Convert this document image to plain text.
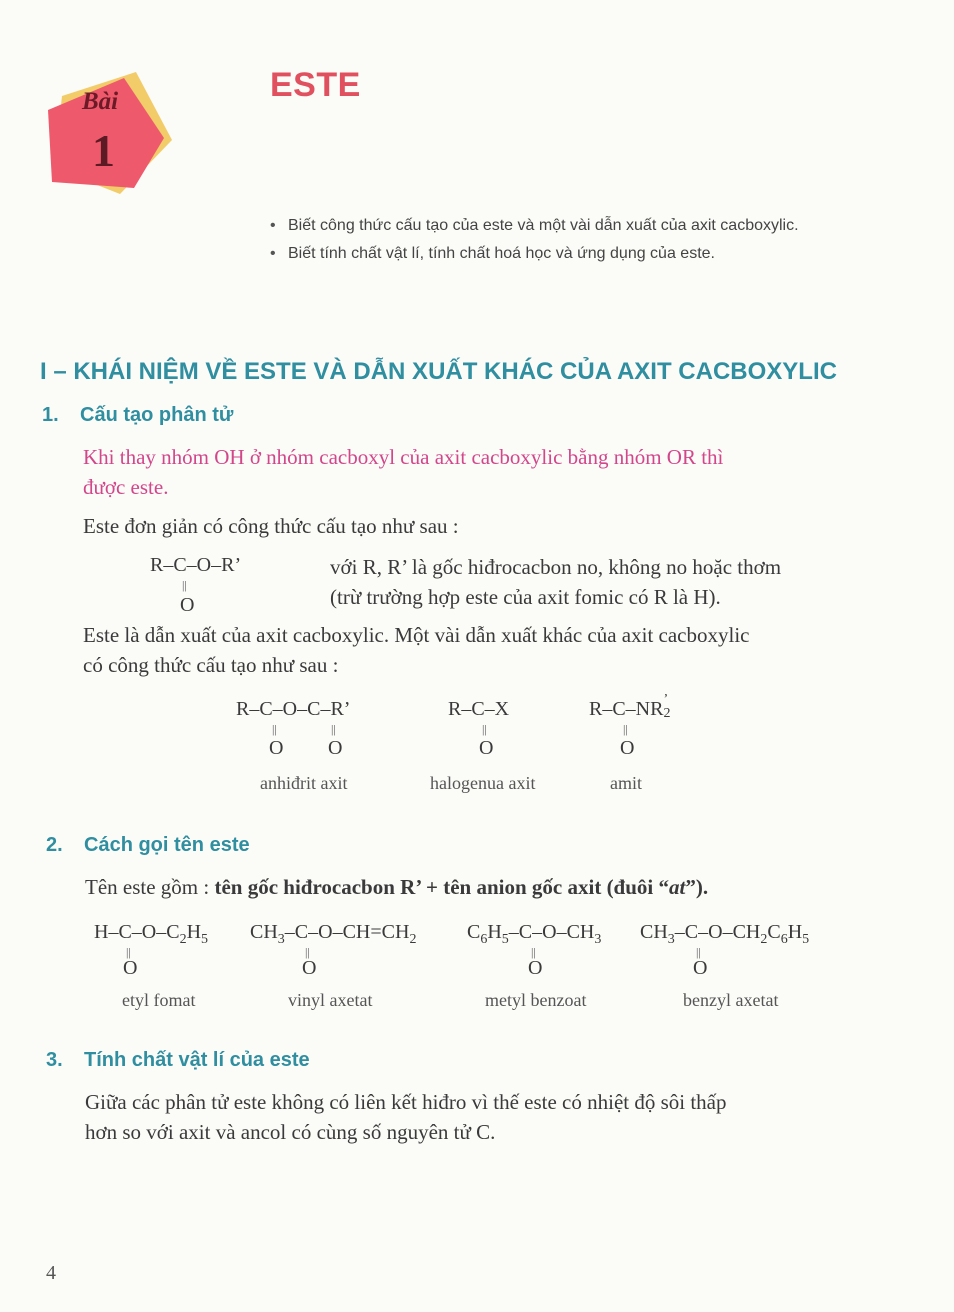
Bài
1
ESTE
• Biết công thức cấu tạo của este và một vài dẫn xuất của axit cacboxylic.
• Biết tính chất vật lí, tính chất hoá học và ứng dụng của este.
I – KHÁI NIỆM VỀ ESTE VÀ DẪN XUẤT KHÁC CỦA AXIT CACBOXYLIC
1. Cấu tạo phân tử
Khi thay nhóm OH ở nhóm cacboxyl của axit cacboxylic bằng nhóm OR thì
được este.
Este đơn giản có công thức cấu tạo như sau :
R–C–O–R’
||
O
với R, R’ là gốc hiđrocacbon no, không no hoặc thơm
(trừ trường hợp este của axit fomic có R là H).
Este là dẫn xuất của axit cacboxylic. Một vài dẫn xuất khác của axit cacboxylic
có công thức cấu tạo như sau :
R–C–O–C–R’
||	||
O O
anhiđrit axit
R–C–X
||
O
halogenua axit
R–C–NR ’
2

||
O
amit
2. Cách gọi tên este
Tên este gồm : tên gốc hiđrocacbon R’ + tên anion gốc axit (đuôi “at”).
$H-C-O-C_2H_5$
||
O
etyl fomat
$CH_3-C-O-CH=CH_2$
||
O
vinyl axetat
$C_6H_5-C-O-CH_3$
||
O
metyl benzoat
$CH_3-C-O-CH_2C_6H_5$
||
O
benzyl axetat
3. Tính chất vật lí của este
Giữa các phân tử este không có liên kết hiđro vì thế este có nhiệt độ sôi thấp
hơn so với axit và ancol có cùng số nguyên tử C.
4
